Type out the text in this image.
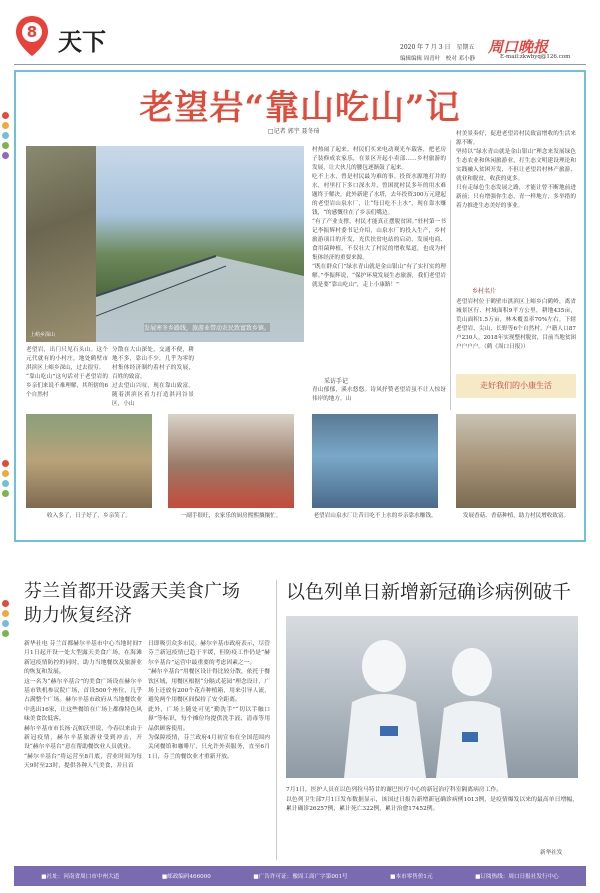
8 天下	2020 年 7 月 3 日　星期五
编辑编辑 周青叶　校对 邓小静
周口晚报
E-mail:zkwbyq@126.com
老望岩“靠山吃山”记
□记者 郭宇 聂冬琦
上峪乡深山
发展寒冬乡路线，旅游业带动农民致富致乡镇。
老望岩，出门只见石头山。这个元代就有的小村庄，地处鹤壁市淇滨区上峪乡深山，过去很穷。
“靠山吃山”这句话对于老望岩的乡亲们来说不难理解，其所辖的6个自然村
分散在大山深处，交通不便，耕地不多，靠山不少，几乎为零的村集体经济制约着村子的发展，百姓的致富。
过去望山兴叹，现在靠山致富。随着淇滨区着力打造淇河谷景区，小山
村热闹了起来。村民们买来电动观光车载客，把老房子装修成农家乐，在景区开起小卖部……乡村旅游的发展，让大伙儿的腰包逐渐鼓了起来。
吃不上水，曾是村民最为难的事。投资水源地打井的水，村里打下多口深水井，曾困扰村民多年的用水难题终于解决。此外新建了水塔，去年投资300万元建起的老望岩山泉水厂，让“每日吃不上水”，现在靠水赚钱，“的感慨往在了乡亲们嘴边。
“有了产业支撑，村民才能真正摆脱贫困。”驻村第一书记李振辉村委书记介绍，山泉水厂的投入生产，乡村旅游项目的开发，光伏扶贫电站的启动，发展电商、食用菌种植，不仅壮大了村民的增收渠道，也成为村集体经济的重要来源。
“既在群众门”绿水青山就是金山银山”有了实打实的理解。”李振辉说，“保护环境发展生态旅游，我们老望岩就是要“靠山吃山”，走上小康路！”
采访手记
青山郁郁，溪水悠悠。诗风抒赞老望岩虽不让人惊讶伟岸的地方。山
村美景奏好，促进老望岩村民致富增收的生活来源不断。
坚持以“绿水青山就是金山银山”理念来发展绿色生态农业和休闲旅游业，打生态文明建设理论和实践融入贫困开发，不但让老望岩村林产旅游、就业和脱贫，收获的更多。
只有走绿色生态发展之路，才能让曾不断地前进新前；只有增强你生态，青一样地方，多举措的着力推进生态美好的事业。
乡村名片
老望岩村位于鹤壁市淇滨区上峪乡白鹤岭，离省城景区行、村域面积9平方公里，耕地435亩，荒山面积1.5万亩，林木覆盖率70%左右。下辖老望岩、尖山、长野等6个自然村。户籍人口87户230人。2018年实现整村脱贫，目前当地贫困户户户户。（鹤《周口日报》）
走好我们的小康生活
收入多了，日子好了，乡亲笑了。	一副手很旺，农家乐的厨房熙熙攘攘忙。	老望岩山泉水厂让昔日吃不上水的乡亲靠水赚钱。	发展香菇、香菇种植，助力村民增收致富。
芬兰首都开设露天美食广场
助力恢复经济
新华社电 芬兰首都赫尔辛基市中心当地时间7月1日起开设一处大型露天美食广场，在海滩新冠疫情防控的同时，助力当地餐饮及旅游业的恢复和发展。
这一名为“赫尔辛基合”的美食广场设在赫尔辛基市铁机参议院广场，首设500个座位，几乎占满整个广场。赫尔辛基市政府从当地餐饮业中选出16家，让这些餐馆在广场上都像特色风味美食饮低客。
赫尔辛基市市长扬·瓦帕沃里说，今春以来由于新冠疫情，赫尔辛基旅游业受到冲击，开设“赫尔辛基台”意在帮助餐饮业人员就业。
“赫尔辛基台”将运营至8月底，营业时间为每天9时至23时，提供各种人气美食，并且首
日即吸引众多市民。赫尔辛基市政府表示，尽管芬兰新冠疫情已趋于平缓，但防疫工作仍是“赫尔辛基台”运营中最重要的考虑因素之一。
“赫尔辛基台”用餐区设计得比较分散，依托于餐饮区域，用餐区根据“分隔式花园”理念设计，广场上还放有200个花卉种植箱，用来引导人流，避免两个用餐区间保持了安全距离。
此外，广场上随处可见“勤洗手”“切以手触口鼻”等标识，每个摊位均提供洗手液、清毒等用品供顾客使用。
为保障疫情，芬兰政府4月初宣布在全国范围内关闭餐馆和咖啡厅，只允许外卖服务，直至6月1日，芬兰的餐饮业才重新开放。
以色列单日新增新冠确诊病例破千
7月1日，医护人员在以色列拉马特甘的谢巴医疗中心的新冠治疗科室隔离病房工作。
以色列卫生部7月1日发布数据显示，该国过日报告新增新冠确诊病例1013例，是疫情爆发以来的最高单日增幅，累计确诊26257例，累计死亡322例，累计治愈17452例。
新华社发
■社址：河南省周口市中州大道	■邮政编码466000	■广告许可证：豫周工商广字第001号	■本市零售价1元	■订阅热线：周口日报社发行中心
